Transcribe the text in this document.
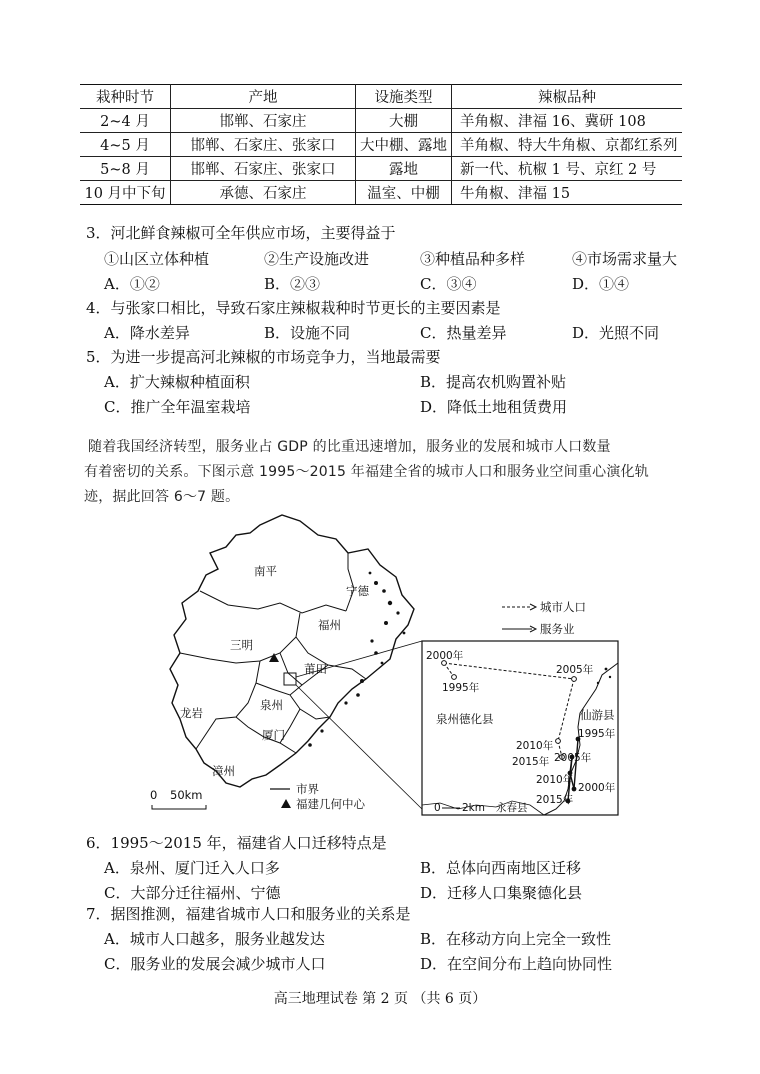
栽种时节	产地	设施类型	辣椒品种
2~4 月	邯郸、石家庄	大棚	羊角椒、津福 16、冀研 108
4~5 月	邯郸、石家庄、张家口	大中棚、露地	羊角椒、特大牛角椒、京都红系列
5~8 月	邯郸、石家庄、张家口	露地	新一代、杭椒 1 号、京红 2 号
10 月中下旬	承德、石家庄	温室、中棚	牛角椒、津福 15
3．河北鲜食辣椒可全年供应市场，主要得益于
①山区立体种植	②生产设施改进	③种植品种多样	④市场需求量大
A．①②	B．②③	C．③④	D．①④
4．与张家口相比，导致石家庄辣椒栽种时节更长的主要因素是
A．降水差异	B．设施不同	C．热量差异	D．光照不同
5．为进一步提高河北辣椒的市场竞争力，当地最需要
A．扩大辣椒种植面积	B．提高农机购置补贴
C．推广全年温室栽培	D．降低土地租赁费用
随着我国经济转型，服务业占 GDP 的比重迅速增加，服务业的发展和城市人口数量
有着密切的关系。下图示意 1995～2015 年福建全省的城市人口和服务业空间重心演化轨
迹，据此回答 6～7 题。
南平
宁德
三明
福州
莆田
龙岩
泉州
厦门
漳州
城市人口
服务业
0 50km	市界
福建几何中心
2000年
2005年
1995年
2010年
2015年
1995年
2000年
2005年
2010年
2015年
泉州德化县	仙游县
永春县
0 2km
6．1995～2015 年，福建省人口迁移特点是
A．泉州、厦门迁入人口多	B．总体向西南地区迁移
C．大部分迁往福州、宁德	D．迁移人口集聚德化县
7．据图推测，福建省城市人口和服务业的关系是
A．城市人口越多，服务业越发达	B．在移动方向上完全一致性
C．服务业的发展会减少城市人口	D．在空间分布上趋向协同性
高三地理试卷 第 2 页 （共 6 页）
